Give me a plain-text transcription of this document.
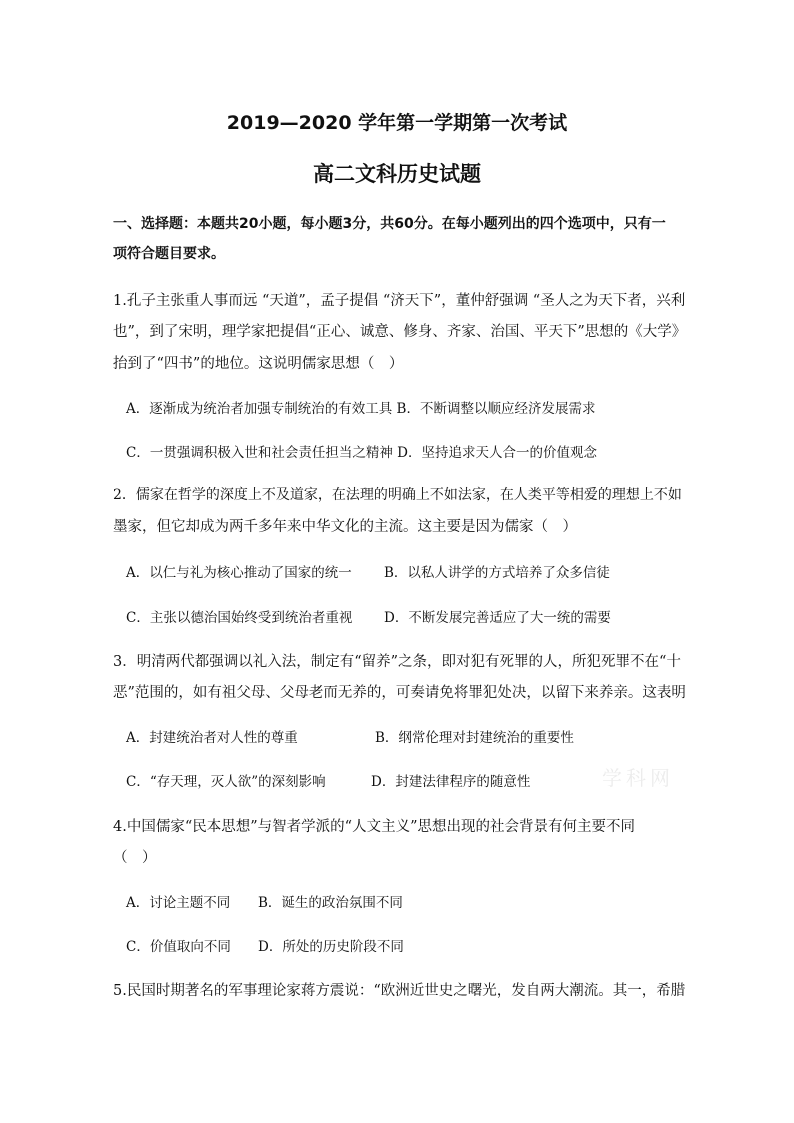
2019—2020 学年第一学期第一次考试
高二文科历史试题
一、选择题：本题共20小题，每小题3分，共60分。在每小题列出的四个选项中，只有一
项符合题目要求。
1.孔子主张重人事而远 “天道”，孟子提倡 “济天下”，董仲舒强调 “圣人之为天下者，兴利
也”，到了宋明，理学家把提倡“正心、诚意、修身、齐家、治国、平天下”思想的《大学》
抬到了“四书”的地位。这说明儒家思想（　）
A．逐渐成为统治者加强专制统治的有效工具 B．不断调整以顺应经济发展需求
C．一贯强调积极入世和社会责任担当之精神 D．坚持追求天人合一的价值观念
2．儒家在哲学的深度上不及道家，在法理的明确上不如法家，在人类平等相爱的理想上不如
墨家，但它却成为两千多年来中华文化的主流。这主要是因为儒家（　）
A．以仁与礼为核心推动了国家的统一 B．以私人讲学的方式培养了众多信徒
C．主张以德治国始终受到统治者重视 D．不断发展完善适应了大一统的需要
3．明清两代都强调以礼入法，制定有“留养”之条，即对犯有死罪的人，所犯死罪不在“十
恶”范围的，如有祖父母、父母老而无养的，可奏请免将罪犯处决，以留下来养亲。这表明
A．封建统治者对人性的尊重	B．纲常伦理对封建统治的重要性
C．“存天理，灭人欲”的深刻影响	D．封建法律程序的随意性	学科网
4.中国儒家“民本思想”与智者学派的“人文主义”思想出现的社会背景有何主要不同
（　）
A．讨论主题不同 B．诞生的政治氛围不同
C．价值取向不同 D．所处的历史阶段不同
5.民国时期著名的军事理论家蒋方震说：“欧洲近世史之曙光，发自两大潮流。其一，希腊
